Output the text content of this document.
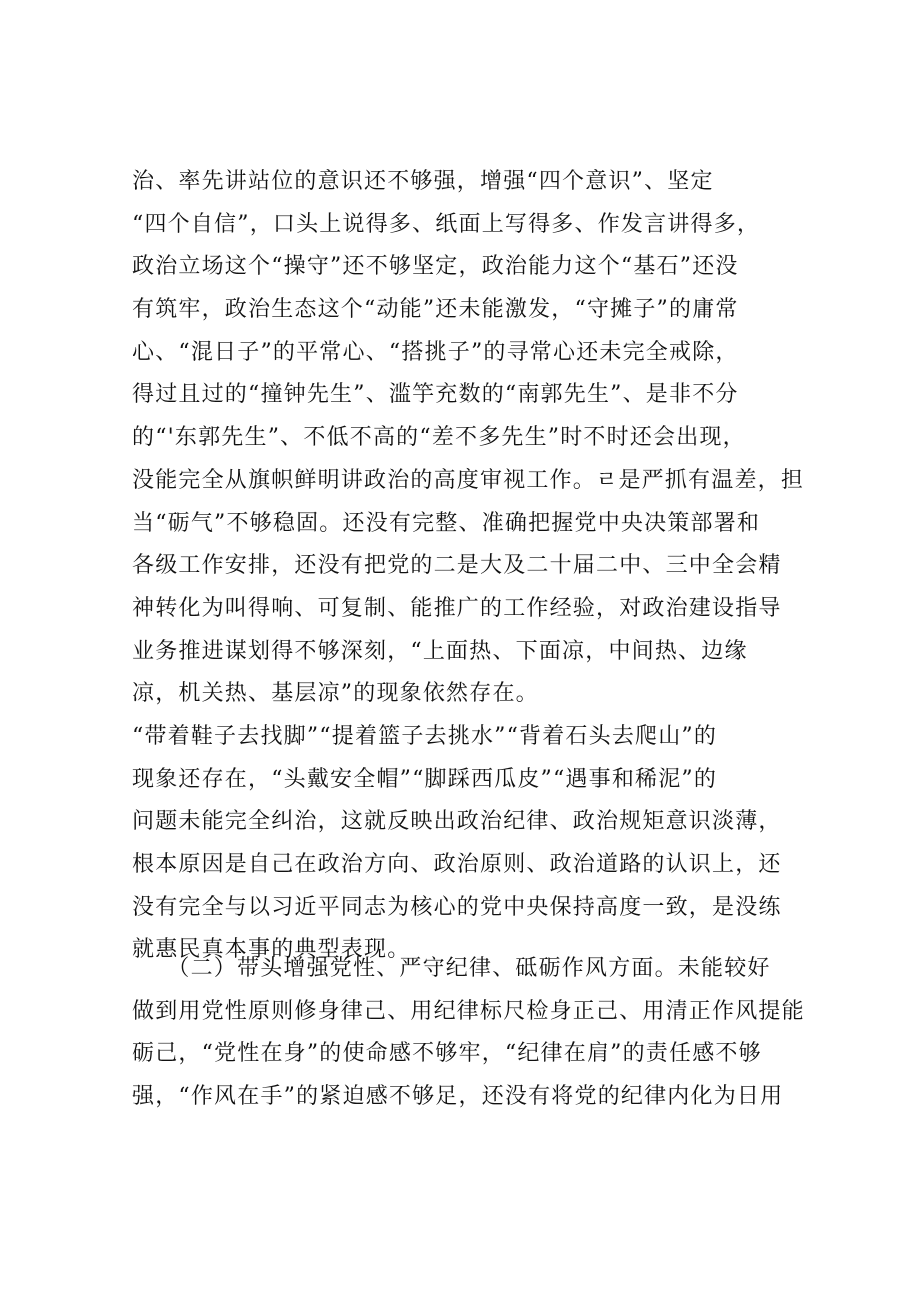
治、率先讲站位的意识还不够强，增强“四个意识”、坚定
“四个自信”，口头上说得多、纸面上写得多、作发言讲得多，
政治立场这个“操守”还不够坚定，政治能力这个“基石”还没
有筑牢，政治生态这个“动能”还未能激发，“守摊子”的庸常
心、“混日子”的平常心、“搭挑子”的寻常心还未完全戒除，
得过且过的“撞钟先生”、滥竽充数的“南郭先生”、是非不分
的“'东郭先生”、不低不高的“差不多先生”时不时还会出现，
没能完全从旗帜鲜明讲政治的高度审视工作。ㄹ是严抓有温差，担
当“砺气”不够稳固。还没有完整、准确把握党中央决策部署和
各级工作安排，还没有把党的二是大及二十届二中、三中全会精
神转化为叫得响、可复制、能推广的工作经验，对政治建设指导
业务推进谋划得不够深刻，“上面热、下面凉，中间热、边缘
凉，机关热、基层凉”的现象依然存在。
“带着鞋子去找脚”“提着篮子去挑水”“背着石头去爬山”的
现象还存在，“头戴安全帽”“脚踩西瓜皮”“遇事和稀泥”的
问题未能完全纠治，这就反映出政治纪律、政治规矩意识淡薄，
根本原因是自己在政治方向、政治原则、政治道路的认识上，还
没有完全与以习近平同志为核心的党中央保持高度一致，是没练
就惠民真本事的典型表现。
　　（二）带头增强党性、严守纪律、砥砺作风方面。未能较好
做到用党性原则修身律己、用纪律标尺检身正己、用清正作风提能
砺己，“党性在身”的使命感不够牢，“纪律在肩”的责任感不够
强，“作风在手”的紧迫感不够足，还没有将党的纪律内化为日用
